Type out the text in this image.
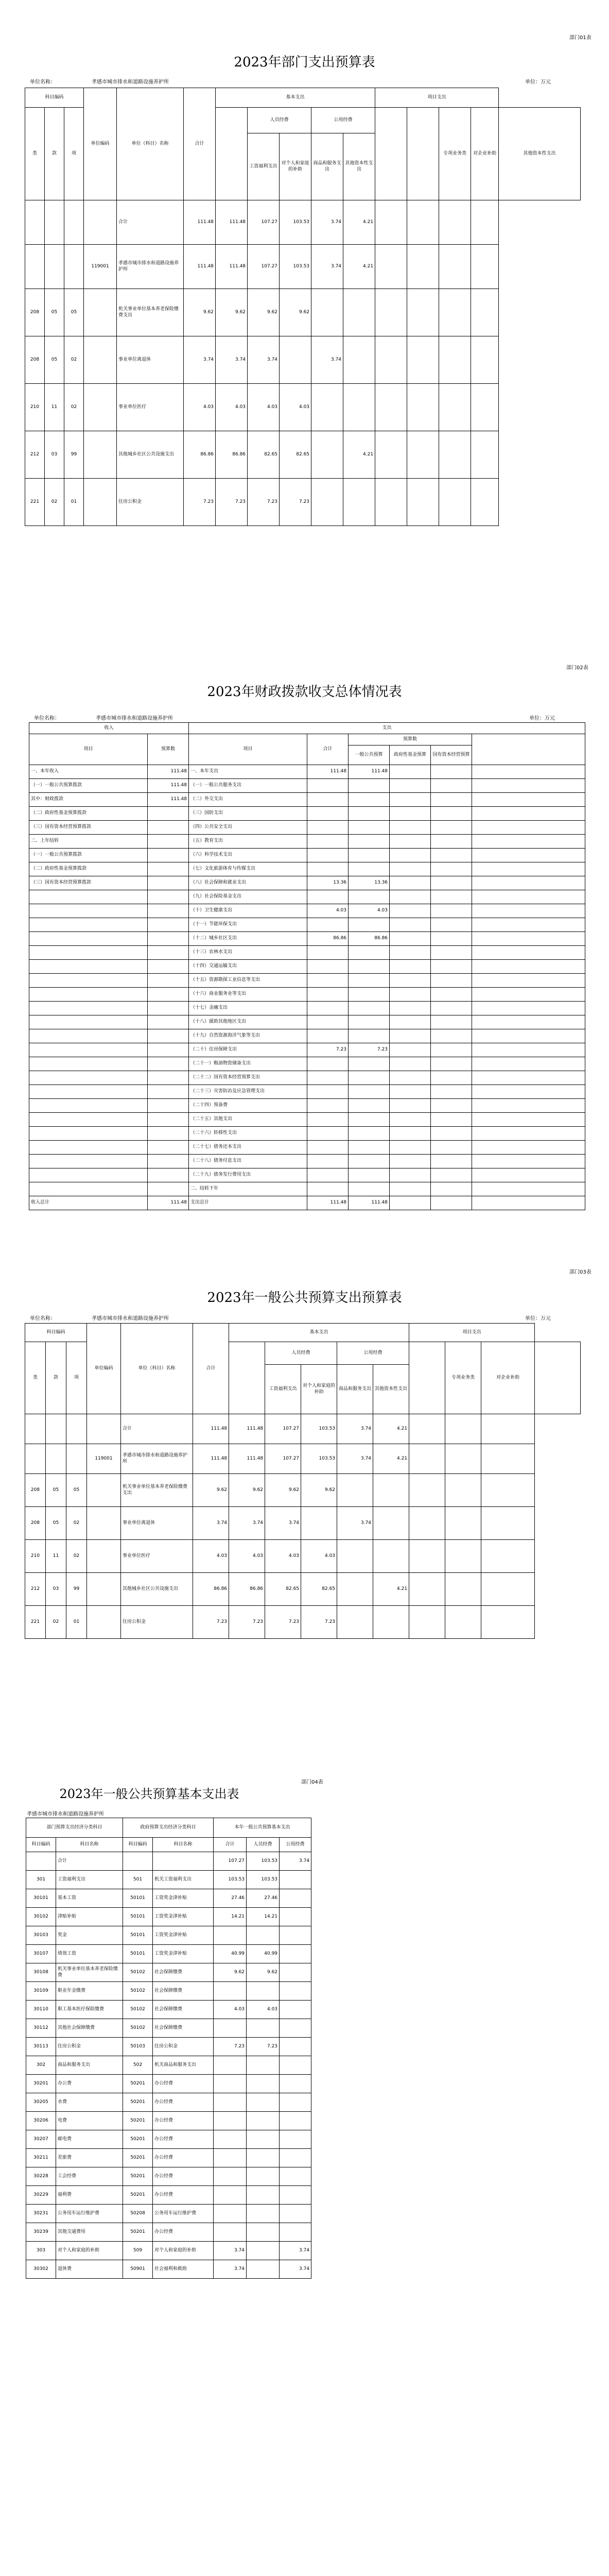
部门01表
2023年部门支出预算表
单位名称：	孝感市城市排水和道路设施养护所	单位：万元
科目编码			单位编码	单位（科目）名称	合计	基本支出					项目支出				
类	款	项					人员经费		公用经费				专项业务类	对企业补助	其他资本性支出
							工资福利支出	对个人和家庭的补助	商品和服务支出	其他资本性支出					
				合计	111.48	111.48	107.27	103.53	3.74	4.21					
			119001	孝感市城市排水和道路设施养护所	111.48	111.48	107.27	103.53	3.74	4.21					
208	05	05		机关事业单位基本养老保险缴费支出	9.62	9.62	9.62	9.62							
208	05	02		事业单位离退休	3.74	3.74	3.74		3.74						
210	11	02		事业单位医疗	4.03	4.03	4.03	4.03							
212	03	99		其他城乡社区公共设施支出	86.86	86.86	82.65	82.65		4.21					
221	02	01		住房公积金	7.23	7.23	7.23	7.23							
部门02表
2023年财政拨款收支总体情况表
单位名称：	孝感市城市排水和道路设施养护所	单位：万元
收入		支出					
项目	预算数	项目	合计	预算数			
				一般公共预算	政府性基金预算	国有资本经营预算	
一、本年收入	111.48	一、本年支出	111.48	111.48			
（一）一般公共预算拨款	111.48	（一）一般公共服务支出					
其中：财政拨款	111.48	（二）外交支出					
（二）政府性基金预算拨款		（三）国防支出					
（三）国有资本经营预算拨款		（四）公共安全支出					
二、上年结转		（五）教育支出					
（一）一般公共预算拨款		（六）科学技术支出					
（二）政府性基金预算拨款		（七）文化旅游体育与传媒支出					
（三）国有资本经营预算拨款		（八）社会保障和就业支出	13.36	13.36			
		（九）社会保险基金支出					
		（十）卫生健康支出	4.03	4.03			
		（十一）节能环保支出					
		（十二）城乡社区支出	86.86	86.86			
		（十三）农林水支出					
		（十四）交通运输支出					
		（十五）资源勘探工业信息等支出					
		（十六）商业服务业等支出					
		（十七）金融支出					
		（十八）援助其他地区支出					
		（十九）自然资源海洋气象等支出					
		（二十）住房保障支出	7.23	7.23			
		（二十一）粮油物资储备支出					
		（二十二）国有资本经营预算支出					
		（二十三）灾害防治及应急管理支出					
		（二十四）预备费					
		（二十五）其他支出					
		（二十六）转移性支出					
		（二十七）债务还本支出					
		（二十八）债务付息支出					
		（二十九）债务发行费用支出					
		二、结转下年					
收入总计	111.48	支出总计	111.48	111.48			
部门03表
2023年一般公共预算支出预算表
单位名称：	孝感市城市排水和道路设施养护所	单位：万元
科目编码			单位编码	单位（科目）名称	合计	基本支出					项目支出			
类	款	项					人员经费		公用经费			专项业务类	对企业补助	
							工资福利支出	对个人和家庭的补助	商品和服务支出	其他资本性支出				
				合计	111.48	111.48	107.27	103.53	3.74	4.21				
			119001	孝感市城市排水和道路设施养护所	111.48	111.48	107.27	103.53	3.74	4.21				
208	05	05		机关事业单位基本养老保险缴费支出	9.62	9.62	9.62	9.62						
208	05	02		事业单位离退休	3.74	3.74	3.74		3.74					
210	11	02		事业单位医疗	4.03	4.03	4.03	4.03						
212	03	99		其他城乡社区公共设施支出	86.86	86.86	82.65	82.65		4.21				
221	02	01		住房公积金	7.23	7.23	7.23	7.23						
部门04表
2023年一般公共预算基本支出表
孝感市城市排水和道路设施养护所
部门预算支出经济分类科目		政府预算支出经济分类科目		本年一般公共预算基本支出		
科目编码	科目名称	科目编码	科目名称	合计	人员经费	公用经费
	合计			107.27	103.53	3.74
301	工资福利支出	501	机关工资福利支出	103.53	103.53	
30101	基本工资	50101	工资奖金津补贴	27.46	27.46	
30102	津贴补贴	50101	工资奖金津补贴	14.21	14.21	
30103	奖金	50101	工资奖金津补贴			
30107	绩效工资	50101	工资奖金津补贴	40.99	40.99	
30108	机关事业单位基本养老保险缴费	50102	社会保障缴费	9.62	9.62	
30109	职业年金缴费	50102	社会保障缴费			
30110	职工基本医疗保险缴费	50102	社会保障缴费	4.03	4.03	
30112	其他社会保障缴费	50102	社会保障缴费			
30113	住房公积金	50103	住房公积金	7.23	7.23	
302	商品和服务支出	502	机关商品和服务支出			
30201	办公费	50201	办公经费			
30205	水费	50201	办公经费			
30206	电费	50201	办公经费			
30207	邮电费	50201	办公经费			
30211	差旅费	50201	办公经费			
30228	工会经费	50201	办公经费			
30229	福利费	50201	办公经费			
30231	公务用车运行维护费	50208	公务用车运行维护费			
30239	其他交通费用	50201	办公经费			
303	对个人和家庭的补助	509	对个人和家庭的补助	3.74		3.74
30302	退休费	50901	社会福利和救助	3.74		3.74
